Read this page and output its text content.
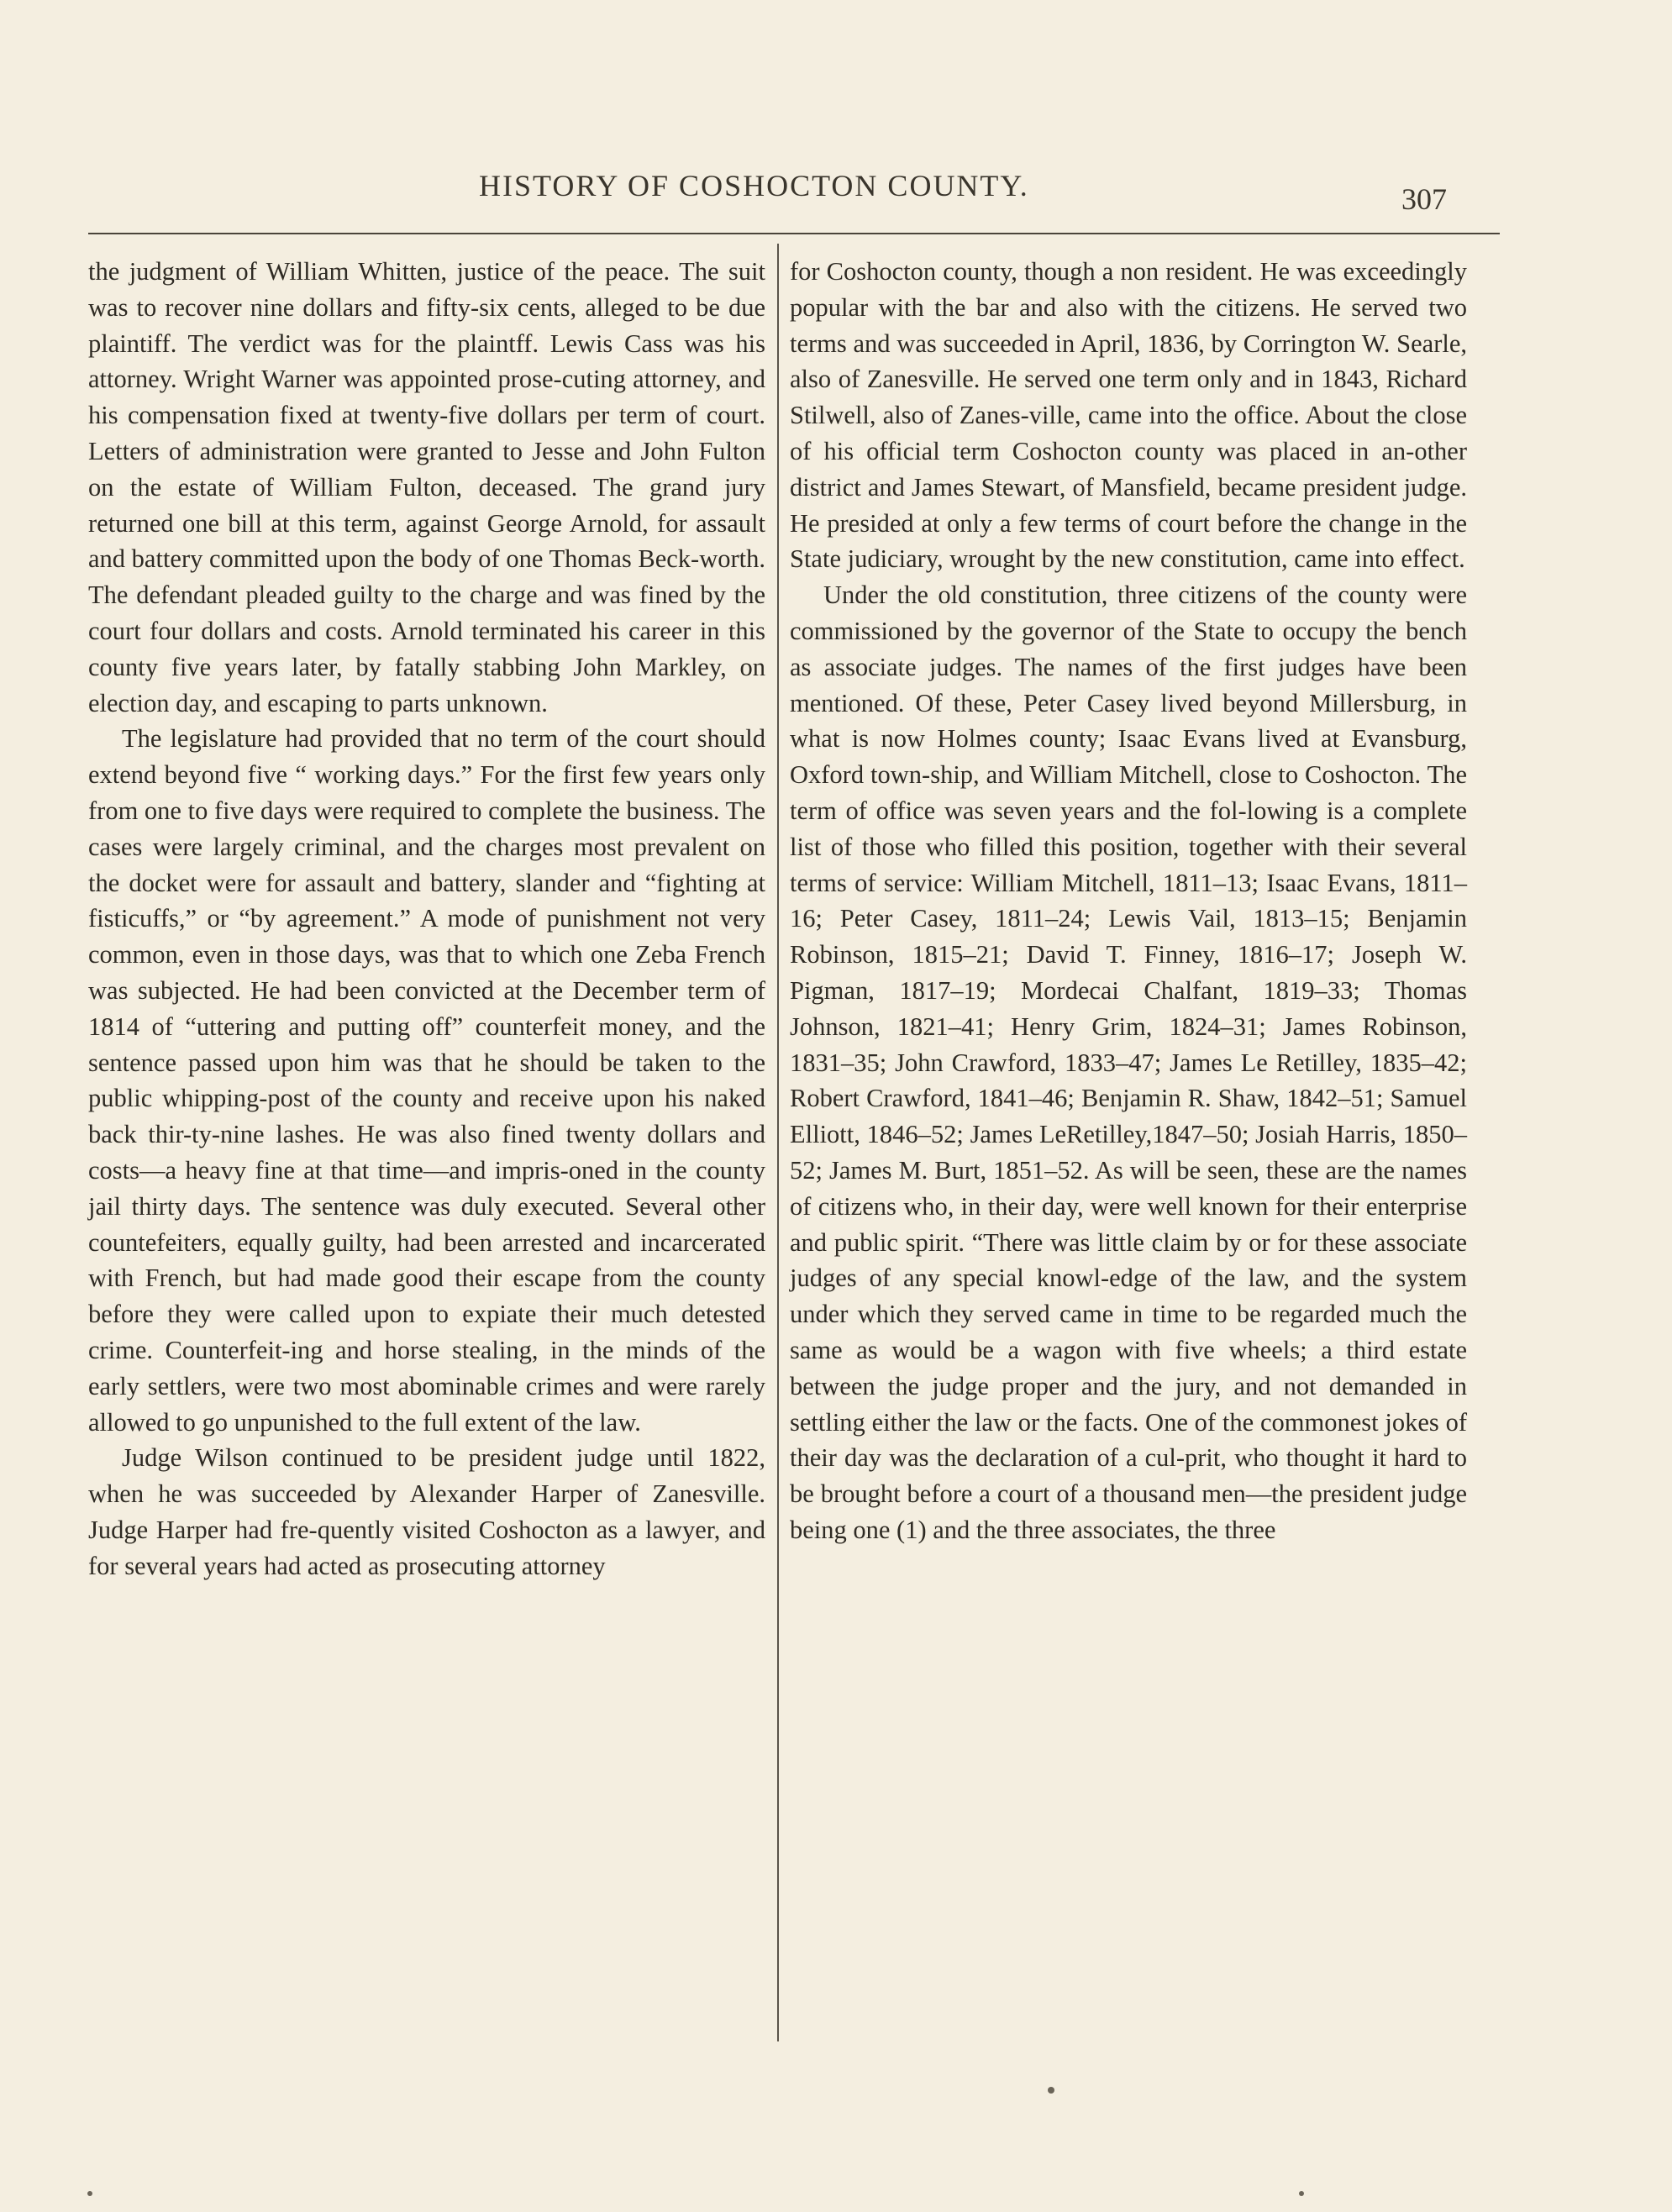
HISTORY OF COSHOCTON COUNTY.	307

the judgment of William Whitten, justice of the peace. The suit was to recover nine dollars and fifty-six cents, alleged to be due plaintiff. The verdict was for the plaintff. Lewis Cass was his attorney. Wright Warner was appointed prose-cuting attorney, and his compensation fixed at twenty-five dollars per term of court. Letters of administration were granted to Jesse and John Fulton on the estate of William Fulton, deceased. The grand jury returned one bill at this term, against George Arnold, for assault and battery committed upon the body of one Thomas Beck-worth. The defendant pleaded guilty to the charge and was fined by the court four dollars and costs. Arnold terminated his career in this county five years later, by fatally stabbing John Markley, on election day, and escaping to parts unknown.

The legislature had provided that no term of the court should extend beyond five “ working days.” For the first few years only from one to five days were required to complete the business. The cases were largely criminal, and the charges most prevalent on the docket were for assault and battery, slander and “fighting at fisticuffs,” or “by agreement.” A mode of punishment not very common, even in those days, was that to which one Zeba French was subjected. He had been convicted at the December term of 1814 of “uttering and putting off” counterfeit money, and the sentence passed upon him was that he should be taken to the public whipping-post of the county and receive upon his naked back thir-ty-nine lashes. He was also fined twenty dollars and costs—a heavy fine at that time—and impris-oned in the county jail thirty days. The sentence was duly executed. Several other countefeiters, equally guilty, had been arrested and incarcerated with French, but had made good their escape from the county before they were called upon to expiate their much detested crime. Counterfeit-ing and horse stealing, in the minds of the early settlers, were two most abominable crimes and were rarely allowed to go unpunished to the full extent of the law.

Judge Wilson continued to be president judge until 1822, when he was succeeded by Alexander Harper of Zanesville. Judge Harper had fre-quently visited Coshocton as a lawyer, and for several years had acted as prosecuting attorney

for Coshocton county, though a non resident. He was exceedingly popular with the bar and also with the citizens. He served two terms and was succeeded in April, 1836, by Corrington W. Searle, also of Zanesville. He served one term only and in 1843, Richard Stilwell, also of Zanes-ville, came into the office. About the close of his official term Coshocton county was placed in an-other district and James Stewart, of Mansfield, became president judge. He presided at only a few terms of court before the change in the State judiciary, wrought by the new constitution, came into effect.

Under the old constitution, three citizens of the county were commissioned by the governor of the State to occupy the bench as associate judges. The names of the first judges have been mentioned. Of these, Peter Casey lived beyond Millersburg, in what is now Holmes county; Isaac Evans lived at Evansburg, Oxford town-ship, and William Mitchell, close to Coshocton. The term of office was seven years and the fol-lowing is a complete list of those who filled this position, together with their several terms of service: William Mitchell, 1811–13; Isaac Evans, 1811–16; Peter Casey, 1811–24; Lewis Vail, 1813–15; Benjamin Robinson, 1815–21; David T. Finney, 1816–17; Joseph W. Pigman, 1817–19; Mordecai Chalfant, 1819–33; Thomas Johnson, 1821–41; Henry Grim, 1824–31; James Robinson, 1831–35; John Crawford, 1833–47; James Le Retilley, 1835–42; Robert Crawford, 1841–46; Benjamin R. Shaw, 1842–51; Samuel Elliott, 1846–52; James LeRetilley,1847–50; Josiah Harris, 1850–52; James M. Burt, 1851–52. As will be seen, these are the names of citizens who, in their day, were well known for their enterprise and public spirit. “There was little claim by or for these associate judges of any special knowl-edge of the law, and the system under which they served came in time to be regarded much the same as would be a wagon with five wheels; a third estate between the judge proper and the jury, and not demanded in settling either the law or the facts. One of the commonest jokes of their day was the declaration of a cul-prit, who thought it hard to be brought before a court of a thousand men—the president judge being one (1) and the three associates, the three
